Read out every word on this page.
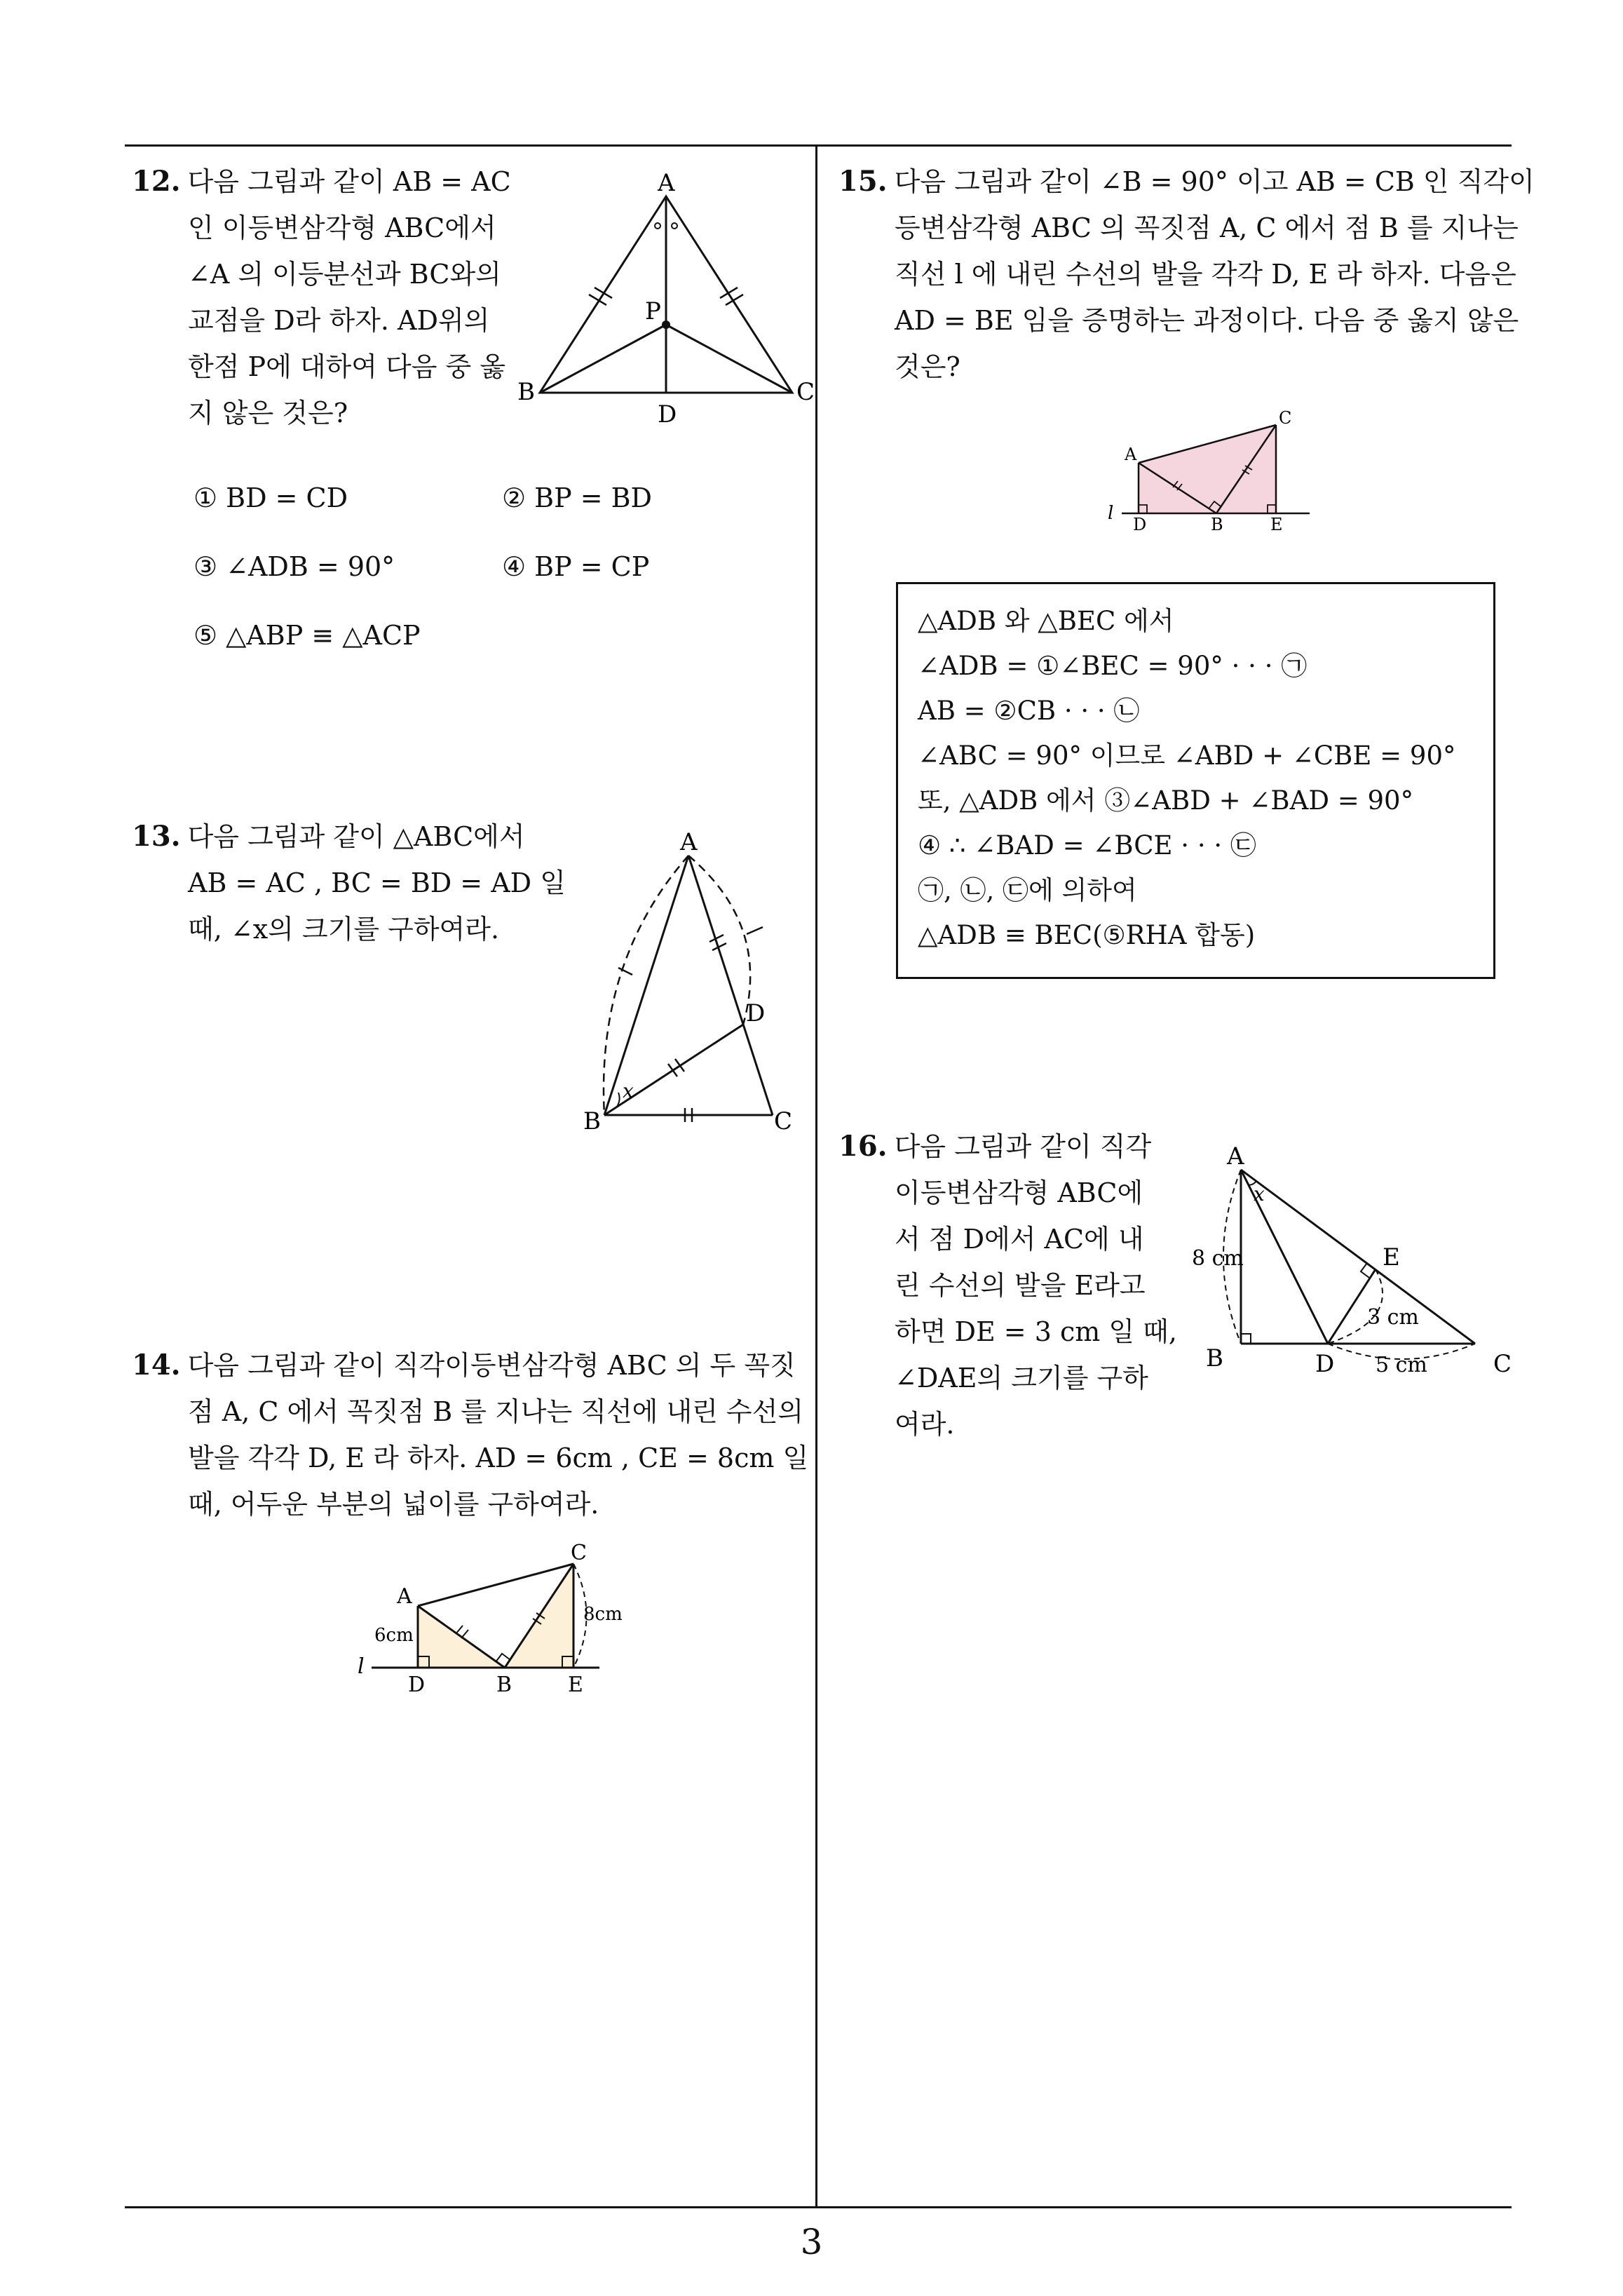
12. 다음 그림과 같이 AB = AC
인 이등변삼각형 ABC에서
∠A 의 이등분선과 BC와의
교점을 D라 하자. AD위의
한점 P에 대하여 다음 중 옳
지 않은 것은?
A
B	C
D
P
① BD = CD	② BP = BD
③ ∠ADB = 90°	④ BP = CP
⑤ △ABP ≡ △ACP
13. 다음 그림과 같이 △ABC에서
AB = AC , BC = BD = AD 일
때, ∠x의 크기를 구하여라.
x
A
B	C
D
14. 다음 그림과 같이 직각이등변삼각형 ABC 의 두 꼭짓
점 A, C 에서 꼭짓점 B 를 지나는 직선에 내린 수선의
발을 각각 D, E 라 하자. AD = 6cm , CE = 8cm 일
때, 어두운 부분의 넓이를 구하여라.
A
C
D	B	E
l
6cm
8cm
15. 다음 그림과 같이 ∠B = 90° 이고 AB = CB 인 직각이
등변삼각형 ABC 의 꼭짓점 A, C 에서 점 B 를 지나는
직선 l 에 내린 수선의 발을 각각 D, E 라 하자. 다음은
AD = BE 임을 증명하는 과정이다. 다음 중 옳지 않은
것은?
A
C
D	B	E
l
△ADB 와 △BEC 에서
∠ADB = ①∠BEC = 90° · · · ㉠
AB = ②CB · · · ㉡
∠ABC = 90° 이므로 ∠ABD + ∠CBE = 90°
또, △ADB 에서 ③∠ABD + ∠BAD = 90°
④ ∴ ∠BAD = ∠BCE · · · ㉢
㉠, ㉡, ㉢에 의하여
△ADB ≡ BEC(⑤RHA 합동)
16. 다음 그림과 같이 직각
이등변삼각형 ABC에
서 점 D에서 AC에 내
린 수선의 발을 E라고
하면 DE = 3 cm 일 때,
∠DAE의 크기를 구하
여라.
x
A
B	C
D
E
8 cm
3 cm
5 cm
3
